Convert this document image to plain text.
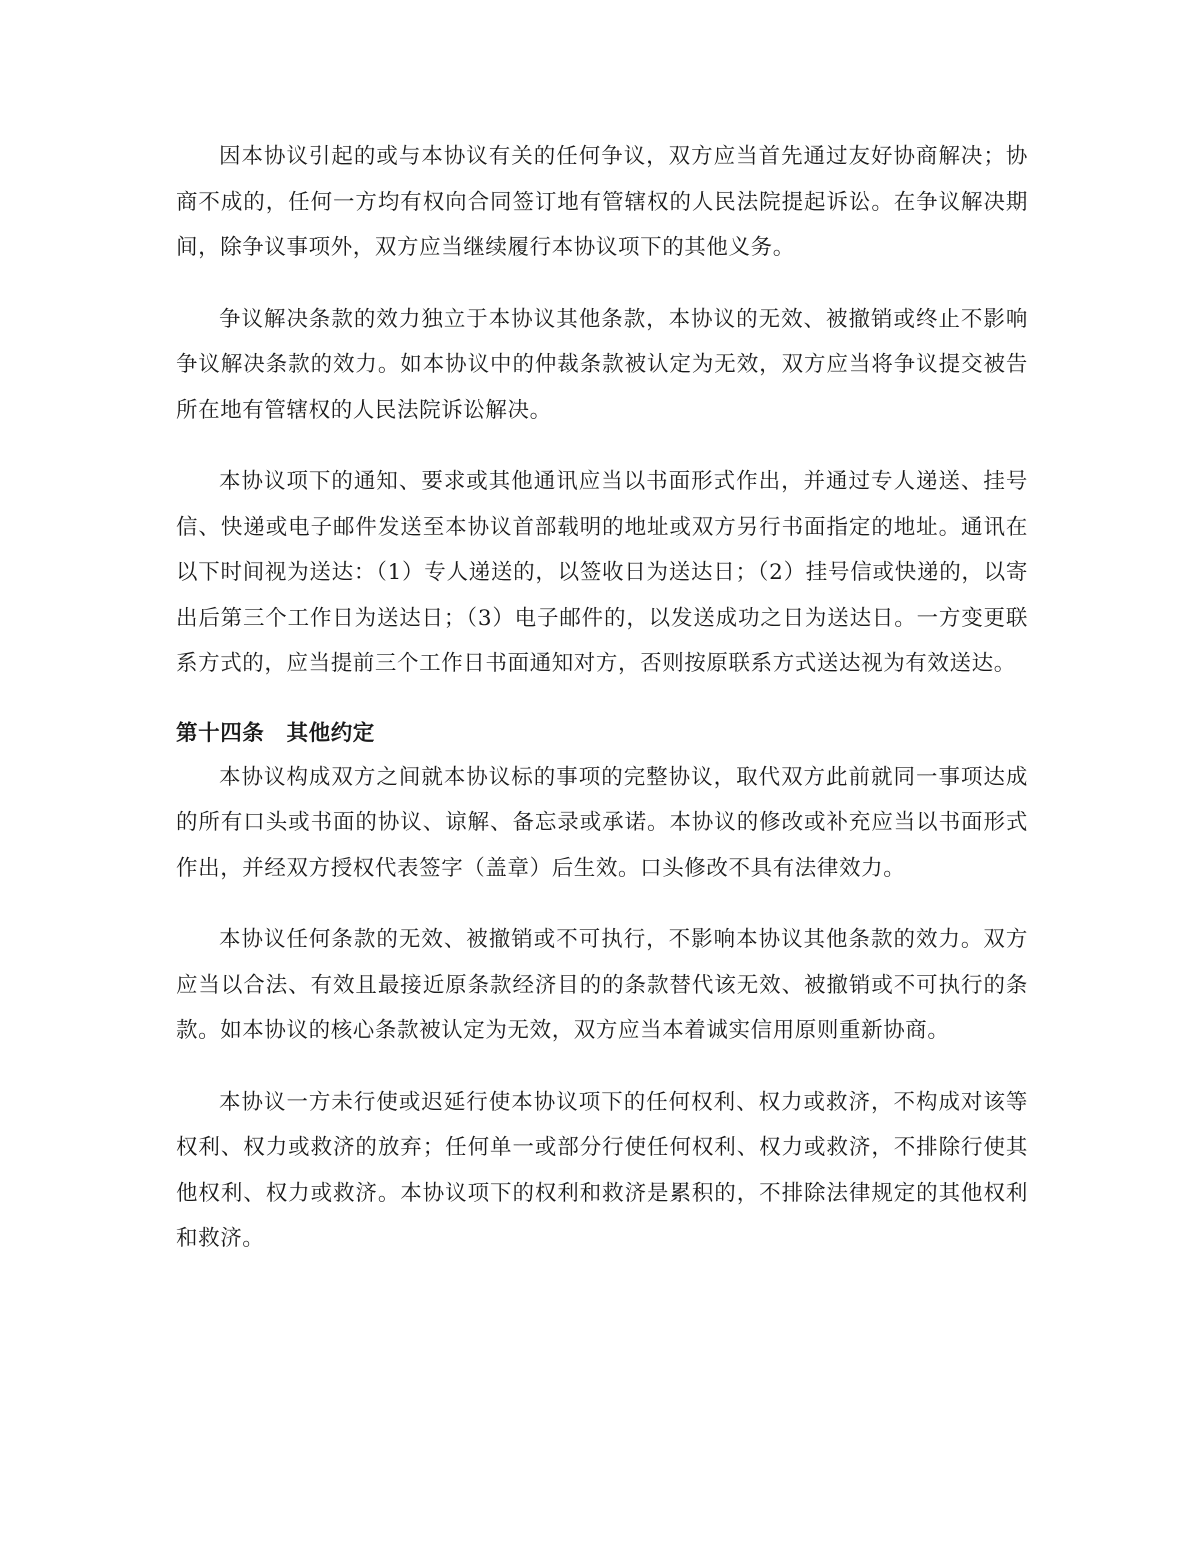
因本协议引起的或与本协议有关的任何争议，双方应当首先通过友好协商解决；协商不成的，任何一方均有权向合同签订地有管辖权的人民法院提起诉讼。在争议解决期间，除争议事项外，双方应当继续履行本协议项下的其他义务。

争议解决条款的效力独立于本协议其他条款，本协议的无效、被撤销或终止不影响争议解决条款的效力。如本协议中的仲裁条款被认定为无效，双方应当将争议提交被告所在地有管辖权的人民法院诉讼解决。

本协议项下的通知、要求或其他通讯应当以书面形式作出，并通过专人递送、挂号信、快递或电子邮件发送至本协议首部载明的地址或双方另行书面指定的地址。通讯在以下时间视为送达：（1）专人递送的，以签收日为送达日；（2）挂号信或快递的，以寄出后第三个工作日为送达日；（3）电子邮件的，以发送成功之日为送达日。一方变更联系方式的，应当提前三个工作日书面通知对方，否则按原联系方式送达视为有效送达。

第十四条　其他约定

本协议构成双方之间就本协议标的事项的完整协议，取代双方此前就同一事项达成的所有口头或书面的协议、谅解、备忘录或承诺。本协议的修改或补充应当以书面形式作出，并经双方授权代表签字（盖章）后生效。口头修改不具有法律效力。

本协议任何条款的无效、被撤销或不可执行，不影响本协议其他条款的效力。双方应当以合法、有效且最接近原条款经济目的的条款替代该无效、被撤销或不可执行的条款。如本协议的核心条款被认定为无效，双方应当本着诚实信用原则重新协商。

本协议一方未行使或迟延行使本协议项下的任何权利、权力或救济，不构成对该等权利、权力或救济的放弃；任何单一或部分行使任何权利、权力或救济，不排除行使其他权利、权力或救济。本协议项下的权利和救济是累积的，不排除法律规定的其他权利和救济。
